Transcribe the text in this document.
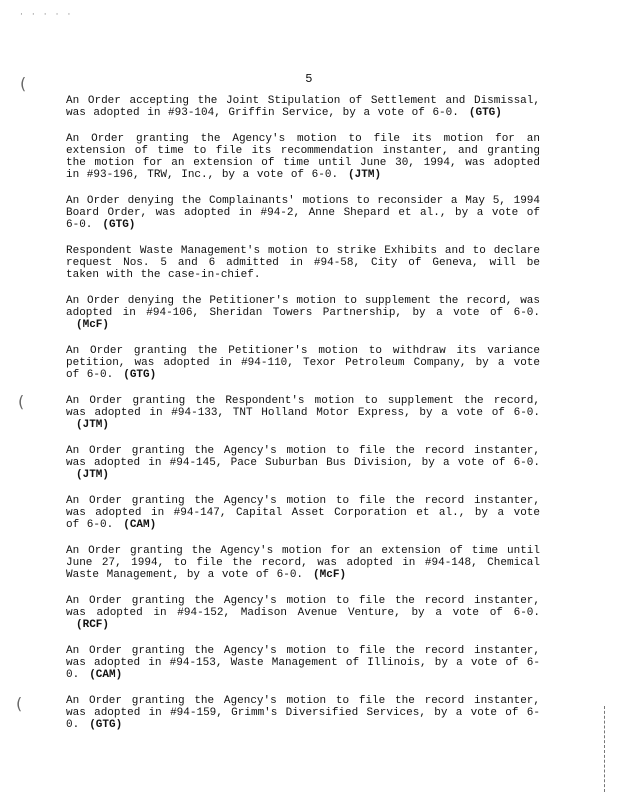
·····
(
(
(
5

An Order accepting the Joint Stipulation of Settlement and Dismissal, was adopted in #93-104, Griffin Service, by a vote of 6-0. (GTG)

An Order granting the Agency's motion to file its motion for an extension of time to file its recommendation instanter, and granting the motion for an extension of time until June 30, 1994, was adopted in #93-196, TRW, Inc., by a vote of 6-0. (JTM)

An Order denying the Complainants' motions to reconsider a May 5, 1994 Board Order, was adopted in #94-2, Anne Shepard et al., by a vote of 6-0. (GTG)

Respondent Waste Management's motion to strike Exhibits and to declare request Nos. 5 and 6 admitted in #94-58, City of Geneva, will be taken with the case-in-chief.

An Order denying the Petitioner's motion to supplement the record, was adopted in #94-106, Sheridan Towers Partnership, by a vote of 6-0.(McF)

An Order granting the Petitioner's motion to withdraw its variance petition, was adopted in #94-110, Texor Petroleum Company, by a vote of 6-0. (GTG)

An Order granting the Respondent's motion to supplement the record, was adopted in #94-133, TNT Holland Motor Express, by a vote of 6-0.(JTM)

An Order granting the Agency's motion to file the record instanter, was adopted in #94-145, Pace Suburban Bus Division, by a vote of 6-0.(JTM)

An Order granting the Agency's motion to file the record instanter, was adopted in #94-147, Capital Asset Corporation et al., by a vote of 6-0. (CAM)

An Order granting the Agency's motion for an extension of time until June 27, 1994, to file the record, was adopted in #94-148, Chemical Waste Management, by a vote of 6-0. (McF)

An Order granting the Agency's motion to file the record instanter, was adopted in #94-152, Madison Avenue Venture, by a vote of 6-0.(RCF)

An Order granting the Agency's motion to file the record instanter, was adopted in #94-153, Waste Management of Illinois, by a vote of 6-0. (CAM)

An Order granting the Agency's motion to file the record instanter, was adopted in #94-159, Grimm's Diversified Services, by a vote of 6-0. (GTG)
